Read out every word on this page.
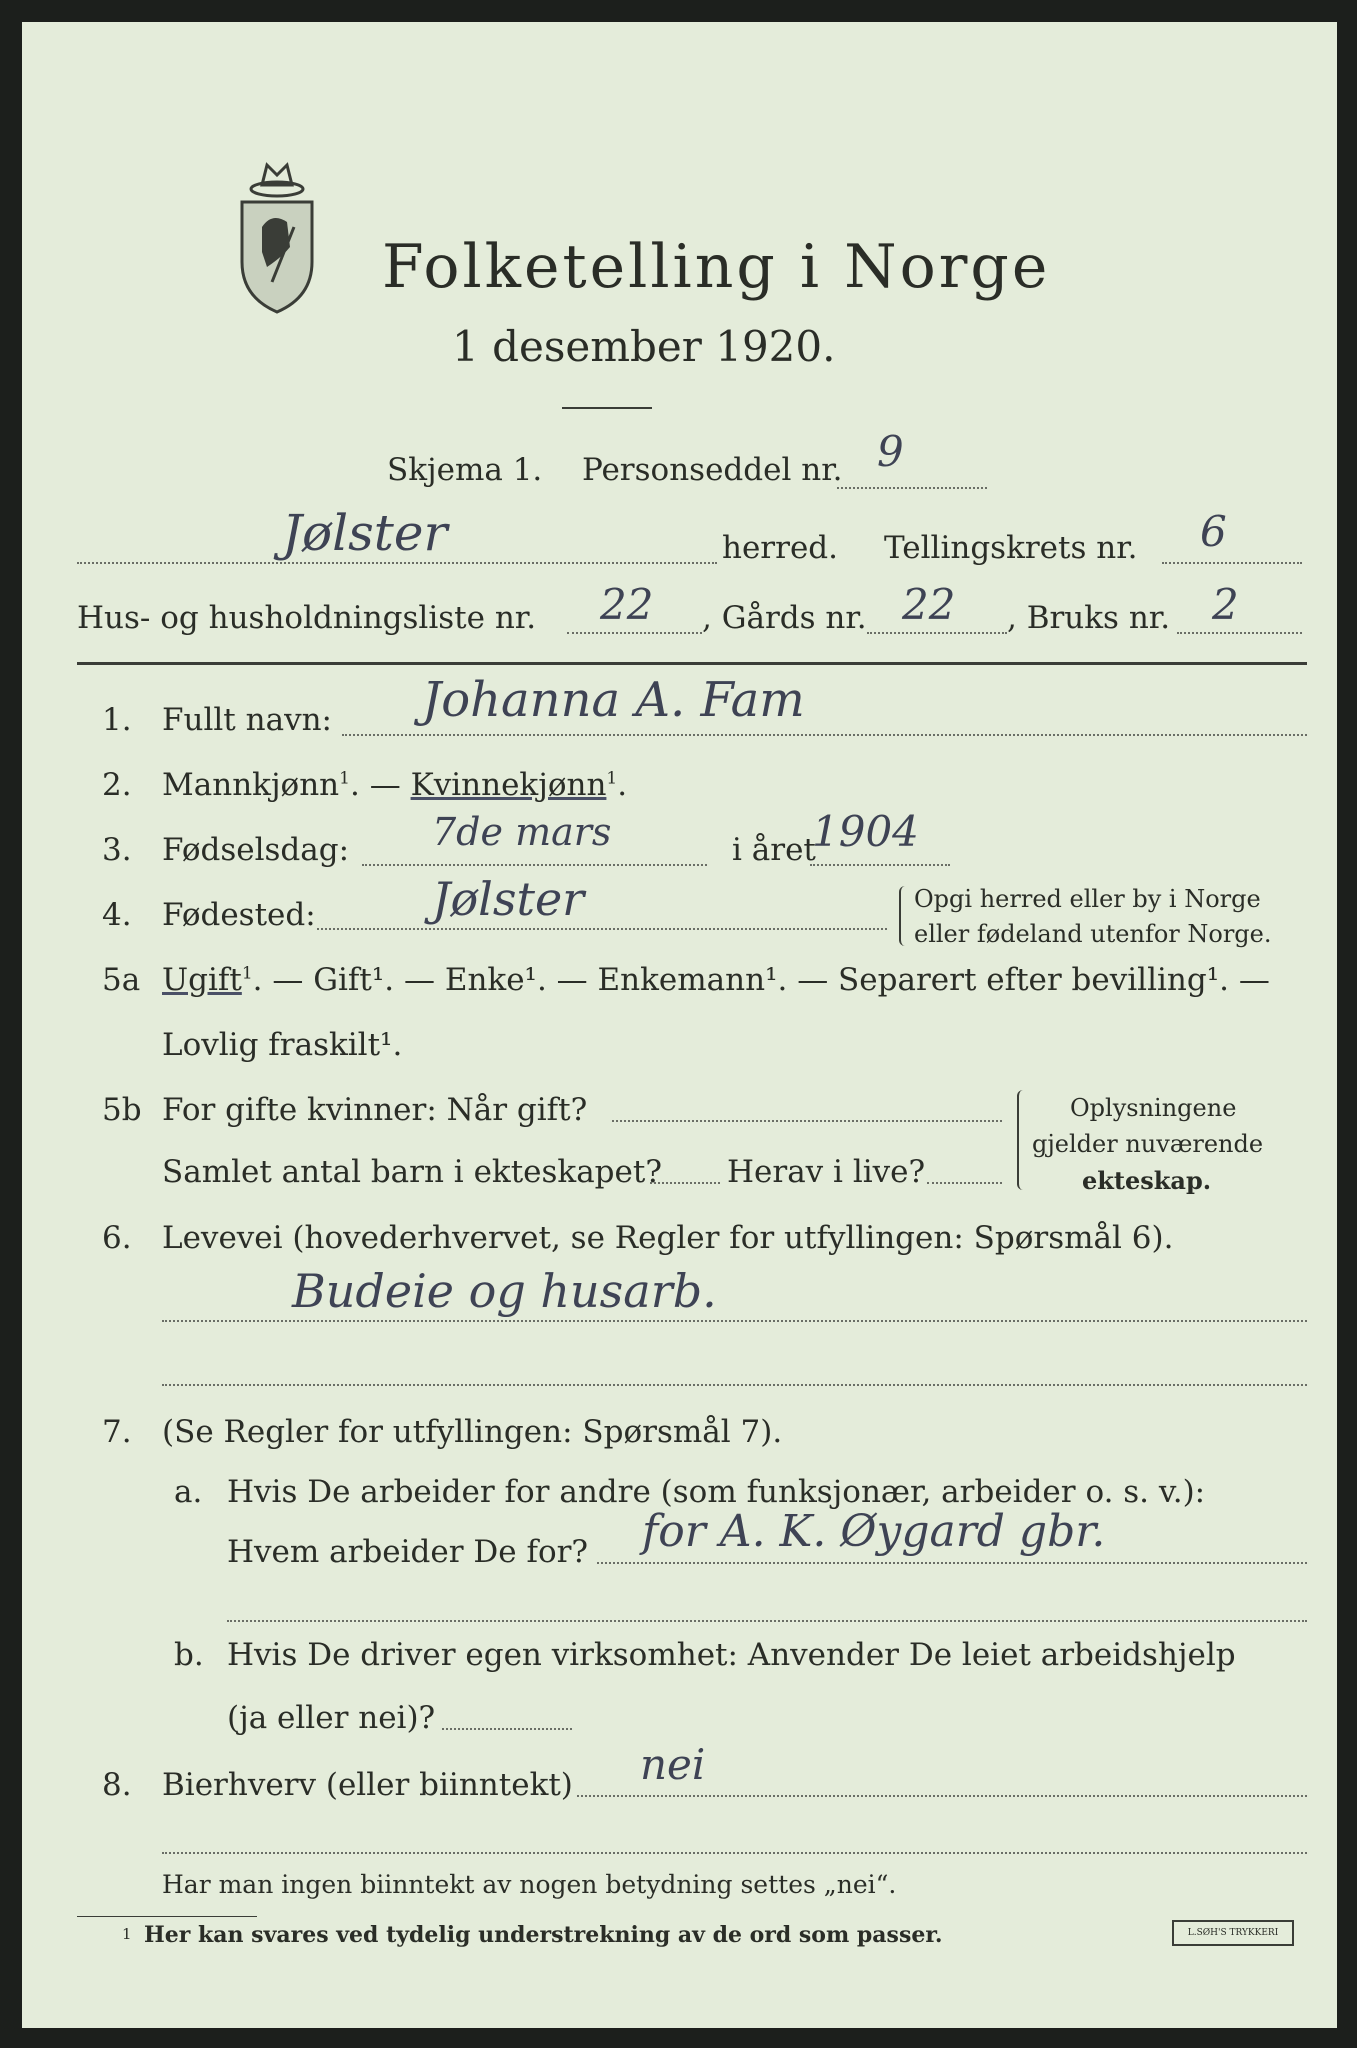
Folketelling i Norge
1 desember 1920.
Skjema 1. Personseddel nr. 9
Jølster	herred. Tellingskrets nr. 6
Hus- og husholdningsliste nr. 22 , Gårds nr. 22 , Bruks nr. 2
1. Fullt navn: Johanna A. Fam
2. Mannkjønn$^1$. — Kvinnekjønn$^1$.
3. Fødselsdag: 7de mars	i året
1904
4. Fødested:	Jølster	Opgi herred eller by i Norge
eller fødeland utenfor Norge.
5a Ugift$^1$. — Gift¹. — Enke¹. — Enkemann¹. — Separert efter bevilling¹. —
Lovlig fraskilt¹.
5b For gifte kvinner: Når gift?
Samlet antal barn i ekteskapet? Herav i live?
Oplysningene
gjelder nuværende
ekteskap.
6. Levevei (hovederhvervet, se Regler for utfyllingen: Spørsmål 6).
Budeie og husarb.
7. (Se Regler for utfyllingen: Spørsmål 7).
a. Hvis De arbeider for andre (som funksjonær, arbeider o. s. v.):
Hvem arbeider De for? for A. K. Øygard gbr.
b. Hvis De driver egen virksomhet: Anvender De leiet arbeidshjelp
(ja eller nei)?
8. Bierhverv (eller biinntekt) nei
Har man ingen biinntekt av nogen betydning settes „nei“.
1 Her kan svares ved tydelig understrekning av de ord som passer.	L.SØH'S TRYKKERI
